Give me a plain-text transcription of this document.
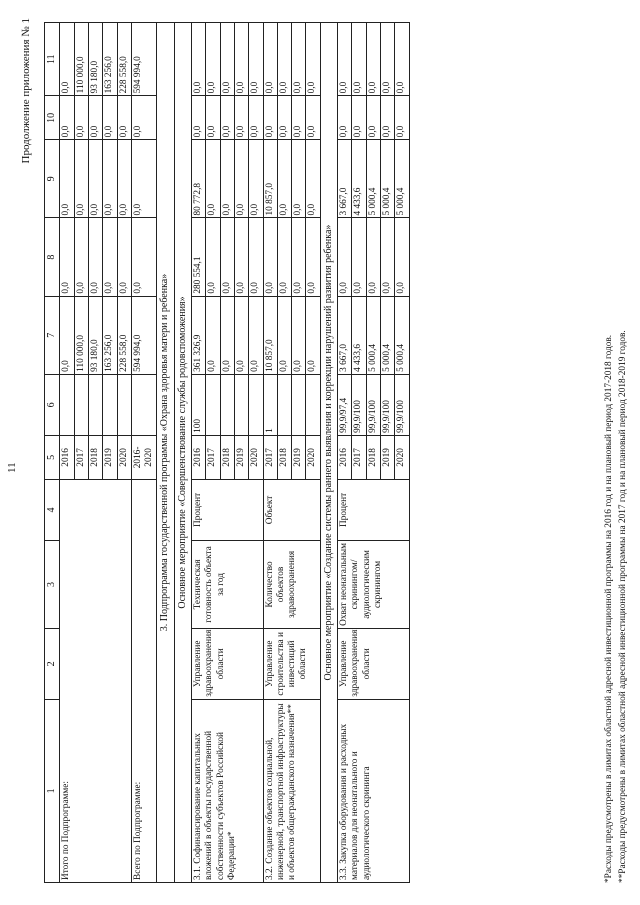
11
Продолжение приложения № 1
1	2	3	4	5	6	7	8	9	10	11
Итого по Подпрограмме:				2016		0,0	0,0	0,0	0,0	0,0
				2017		110 000,0	0,0	0,0	0,0	110 000,0
				2018		93 180,0	0,0	0,0	0,0	93 180,0
				2019		163 256,0	0,0	0,0	0,0	163 256,0
				2020		228 558,0	0,0	0,0	0,0	228 558,0
Всего по Подпрограмме:				2016-2020		594 994,0	0,0	0,0	0,0	594 994,0
3. Подпрограмма государственной программы «Охрана здоровья матери и ребенка»										
Основное мероприятие «Совершенствование службы родовспоможения»										
3.1. Софинансирование капитальных вложений в объекты государственной собственности субъектов Российской Федерации*	Управление здравоохранения области	Техническая готовность объекта за год	Процент	2016	100	361 326,9	280 554,1	80 772,8	0,0	0,0
				2017		0,0	0,0	0,0	0,0	0,0
				2018		0,0	0,0	0,0	0,0	0,0
				2019		0,0	0,0	0,0	0,0	0,0
				2020		0,0	0,0	0,0	0,0	0,0
3.2. Создание объектов социальной, инженерной, транспортной инфраструктуры и объектов общегражданского назначения**	Управление строительства и инвестиций области	Количество объектов здравоохранения	Объект	2017	1	10 857,0	0,0	10 857,0	0,0	0,0
				2018		0,0	0,0	0,0	0,0	0,0
				2019		0,0	0,0	0,0	0,0	0,0
				2020		0,0	0,0	0,0	0,0	0,0
Основное мероприятие «Создание системы раннего выявления и коррекции нарушений развития ребенка»										
3.3. Закупка оборудования и расходных материалов для неонатального и аудиологического скрининга	Управление здравоохранения области	Охват неонатальным скринингом/ аудиологическим скринингом	Процент	2016	99,9/97,4	3 667,0	0,0	3 667,0	0,0	0,0
				2017	99,9/100	4 433,6	0,0	4 433,6	0,0	0,0
				2018	99,9/100	5 000,4	0,0	5 000,4	0,0	0,0
				2019	99,9/100	5 000,4	0,0	5 000,4	0,0	0,0
				2020	99,9/100	5 000,4	0,0	5 000,4	0,0	0,0
*Расходы предусмотрены в лимитах областной адресной инвестиционной программы на 2016 год и на плановый период 2017-2018 годов. **Расходы предусмотрены в лимитах областной адресной инвестиционной программы на 2017 год и на плановый период 2018-2019 годов.
